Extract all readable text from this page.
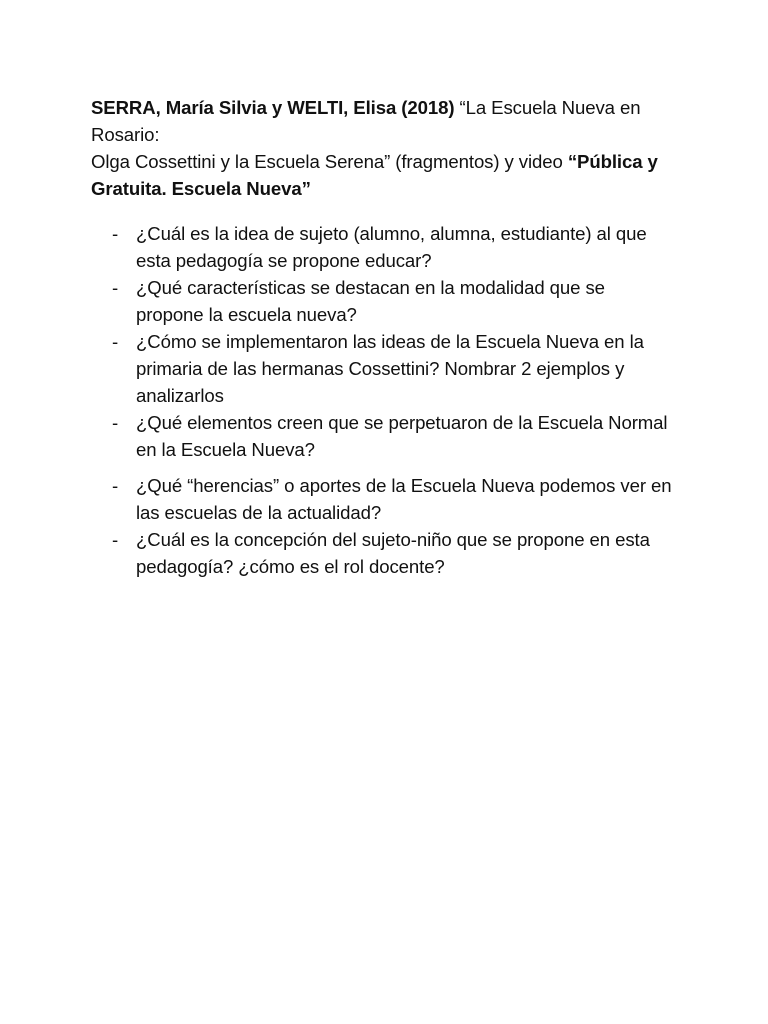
SERRA, María Silvia y WELTI, Elisa (2018) “La Escuela Nueva en Rosario:
Olga Cossettini y la Escuela Serena” (fragmentos) y video “Pública y
Gratuita. Escuela Nueva”

- ¿Cuál es la idea de sujeto (alumno, alumna, estudiante) al que esta pedagogía se propone educar?
- ¿Qué características se destacan en la modalidad que se propone la escuela nueva?
- ¿Cómo se implementaron las ideas de la Escuela Nueva en la primaria de las hermanas Cossettini? Nombrar 2 ejemplos y analizarlos
- ¿Qué elementos creen que se perpetuaron de la Escuela Normal en la Escuela Nueva?
- ¿Qué “herencias” o aportes de la Escuela Nueva podemos ver en las escuelas de la actualidad?
- ¿Cuál es la concepción del sujeto-niño que se propone en esta pedagogía? ¿cómo es el rol docente?
